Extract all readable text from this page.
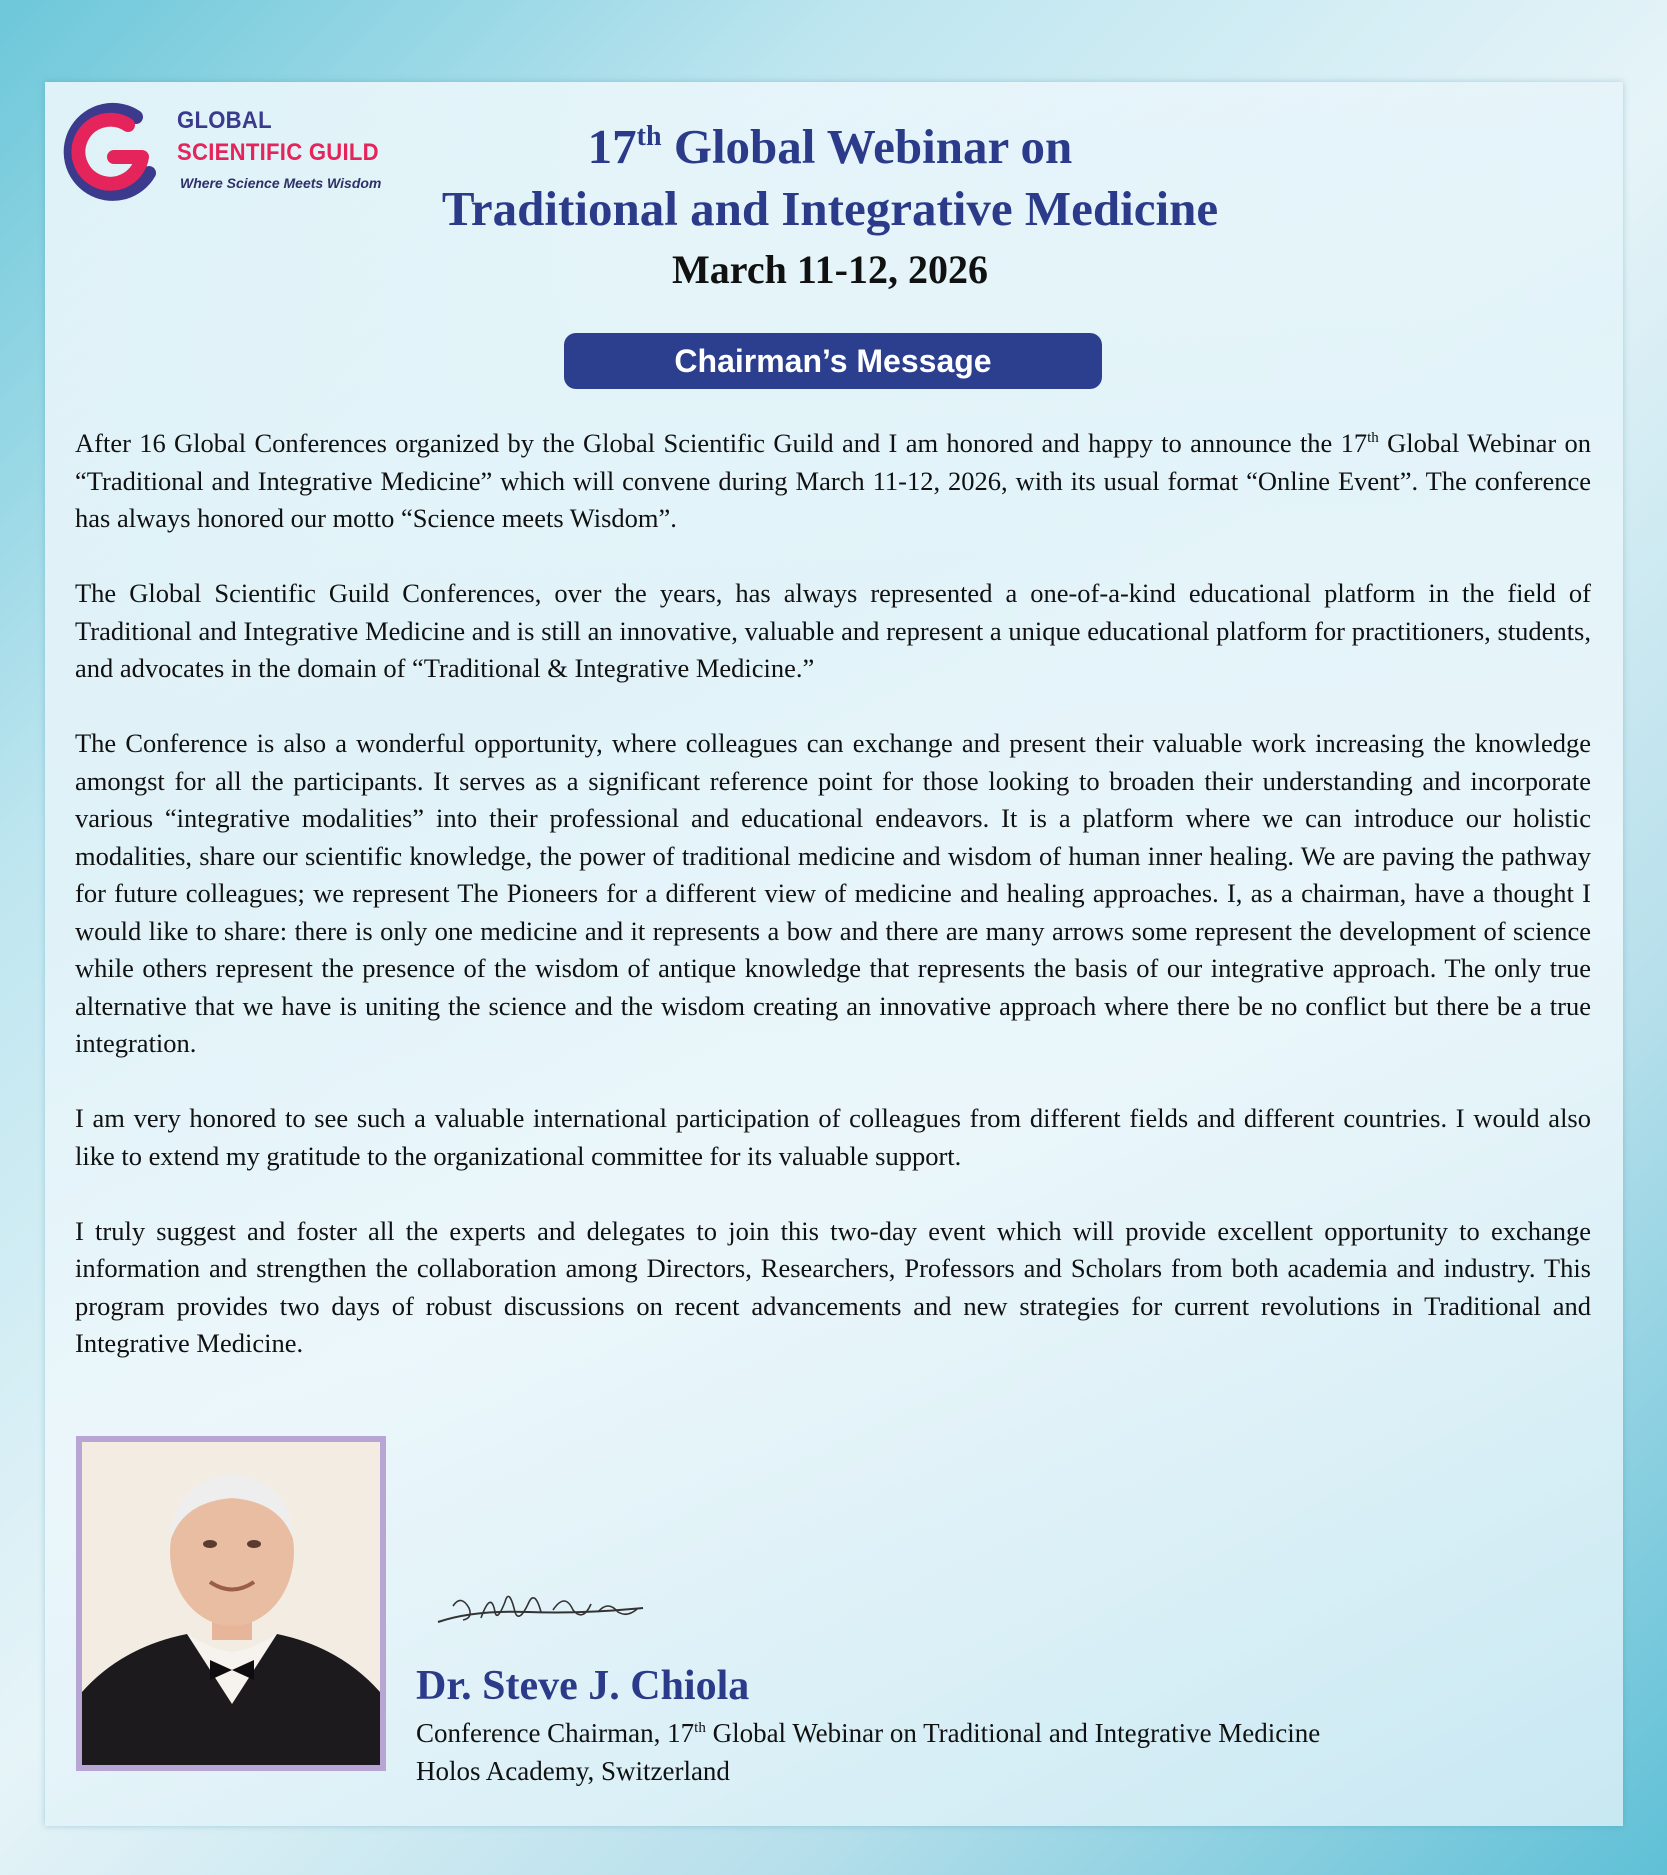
GLOBAL
SCIENTIFIC GUILD
Where Science Meets Wisdom

17th Global Webinar on

Traditional and Integrative Medicine

March 11-12, 2026

Chairman’s Message

After 16 Global Conferences organized by the Global Scientific Guild and I am honored and happy to announce the 17th Global Webinar on “Traditional and Integrative Medicine” which will convene during March 11-12, 2026, with its usual format “Online Event”. The conference has always honored our motto “Science meets Wisdom”.

The Global Scientific Guild Conferences, over the years, has always represented a one-of-a-kind educational platform in the field of Traditional and Integrative Medicine and is still an innovative, valuable and represent a unique educational platform for practitioners, students, and advocates in the domain of “Traditional & Integrative Medicine.”

The Conference is also a wonderful opportunity, where colleagues can exchange and present their valuable work increasing the knowledge amongst for all the participants. It serves as a significant reference point for those looking to broaden their understanding and incorporate various “integrative modalities” into their professional and educational endeavors. It is a platform where we can introduce our holistic modalities, share our scientific knowledge, the power of traditional medicine and wisdom of human inner healing. We are paving the pathway for future colleagues; we represent The Pioneers for a different view of medicine and healing approaches. I, as a chairman, have a thought I would like to share: there is only one medicine and it represents a bow and there are many arrows some represent the development of science while others represent the presence of the wisdom of antique knowledge that represents the basis of our integrative approach. The only true alternative that we have is uniting the science and the wisdom creating an innovative approach where there be no conflict but there be a true integration.

I am very honored to see such a valuable international participation of colleagues from different fields and different countries. I would also like to extend my gratitude to the organizational committee for its valuable support.

I truly suggest and foster all the experts and delegates to join this two-day event which will provide excellent opportunity to exchange information and strengthen the collaboration among Directors, Researchers, Professors and Scholars from both academia and industry. This program provides two days of robust discussions on recent advancements and new strategies for current revolutions in Traditional and Integrative Medicine.

Dr. Steve J. Chiola

Conference Chairman, 17th Global Webinar on Traditional and Integrative Medicine

Holos Academy, Switzerland
